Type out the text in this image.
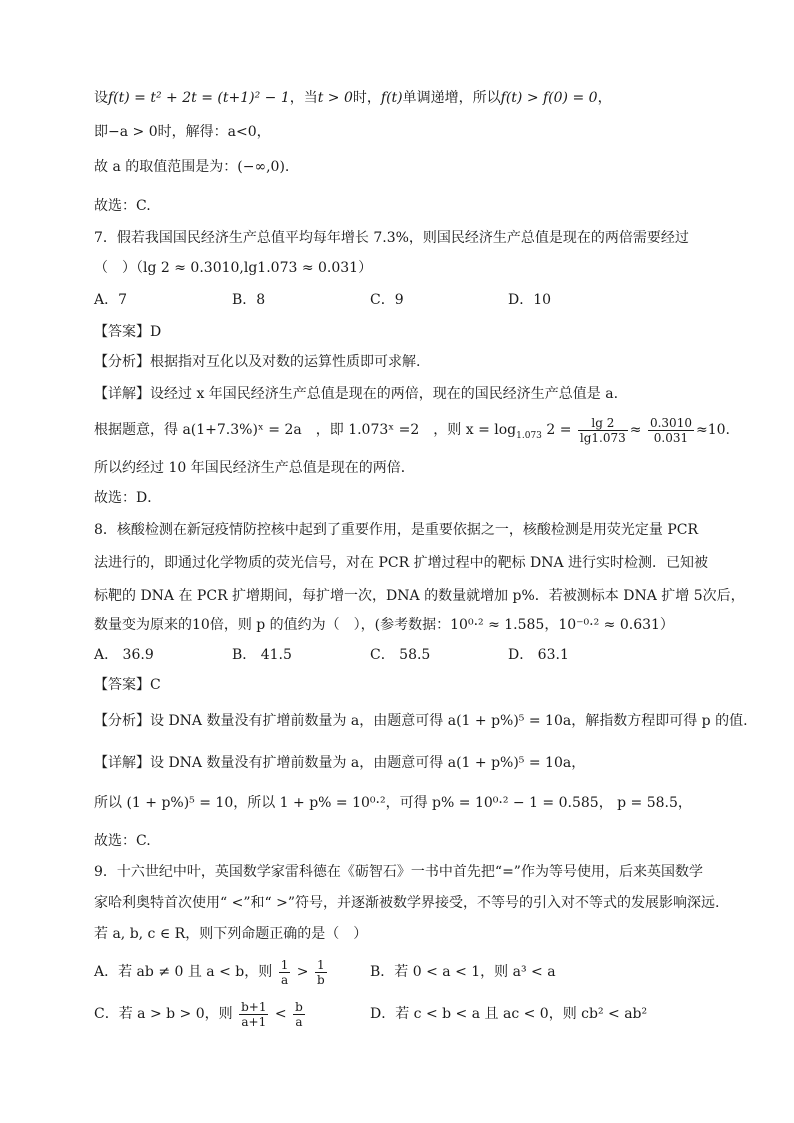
设f(t) = t² + 2t = (t+1)² − 1，当t > 0时，f(t)单调递增，所以f(t) > f(0) = 0，
即−a > 0时，解得：a<0，
故 a 的取值范围是为：(−∞,0).
故选：C.
7．假若我国国民经济生产总值平均每年增长 7.3%，则国民经济生产总值是现在的两倍需要经过
（　）（lg 2 ≈ 0.3010,lg1.073 ≈ 0.031）
A．7	B．8	C．9	D．10
【答案】D
【分析】根据指对互化以及对数的运算性质即可求解.
【详解】设经过 x 年国民经济生产总值是现在的两倍，现在的国民经济生产总值是 a.
根据题意，得 a(1+7.3%)ˣ = 2a　，即 1.073ˣ =2　，则 $x = \log_{1.073} 2 = \frac{\lg 2}{\lg 1.073} \approx \frac{0.3010}{0.031} \approx 10$.
所以约经过 10 年国民经济生产总值是现在的两倍．
故选：D．
8．核酸检测在新冠疫情防控核中起到了重要作用，是重要依据之一，核酸检测是用荧光定量 PCR
法进行的，即通过化学物质的荧光信号，对在 PCR 扩增过程中的靶标 DNA 进行实时检测．已知被
标靶的 DNA 在 PCR 扩增期间，每扩增一次，DNA 的数量就增加 p%．若被测标本 DNA 扩增 5次后，
数量变为原来的10倍，则 p 的值约为（　），(参考数据：10⁰·² ≈ 1.585，10⁻⁰·² ≈ 0.631）
A． 36.9	B． 41.5	C． 58.5	D． 63.1
【答案】C
【分析】设 DNA 数量没有扩增前数量为 a，由题意可得 a(1 + p%)⁵ = 10a，解指数方程即可得 p 的值.
【详解】设 DNA 数量没有扩增前数量为 a，由题意可得 a(1 + p%)⁵ = 10a，
所以 (1 + p%)⁵ = 10，所以 1 + p% = 10⁰·²，可得 p% = 10⁰·² − 1 = 0.585， p = 58.5，
故选：C.
9．十六世纪中叶，英国数学家雷科德在《砺智石》一书中首先把“=”作为等号使用，后来英国数学
家哈利奥特首次使用“ <”和“ >”符号，并逐渐被数学界接受，不等号的引入对不等式的发展影响深远.
若 a, b, c ∈ R，则下列命题正确的是（　）
A．若 ab ≠ 0 且 a < b，则 $\frac{1}{a} > \frac{1}{b}$	B．若 0 < a < 1，则 a³ < a
C．若 a > b > 0，则 $\frac{b+1}{a+1} < \frac{b}{a}$	D．若 c < b < a 且 ac < 0，则 cb² < ab²
